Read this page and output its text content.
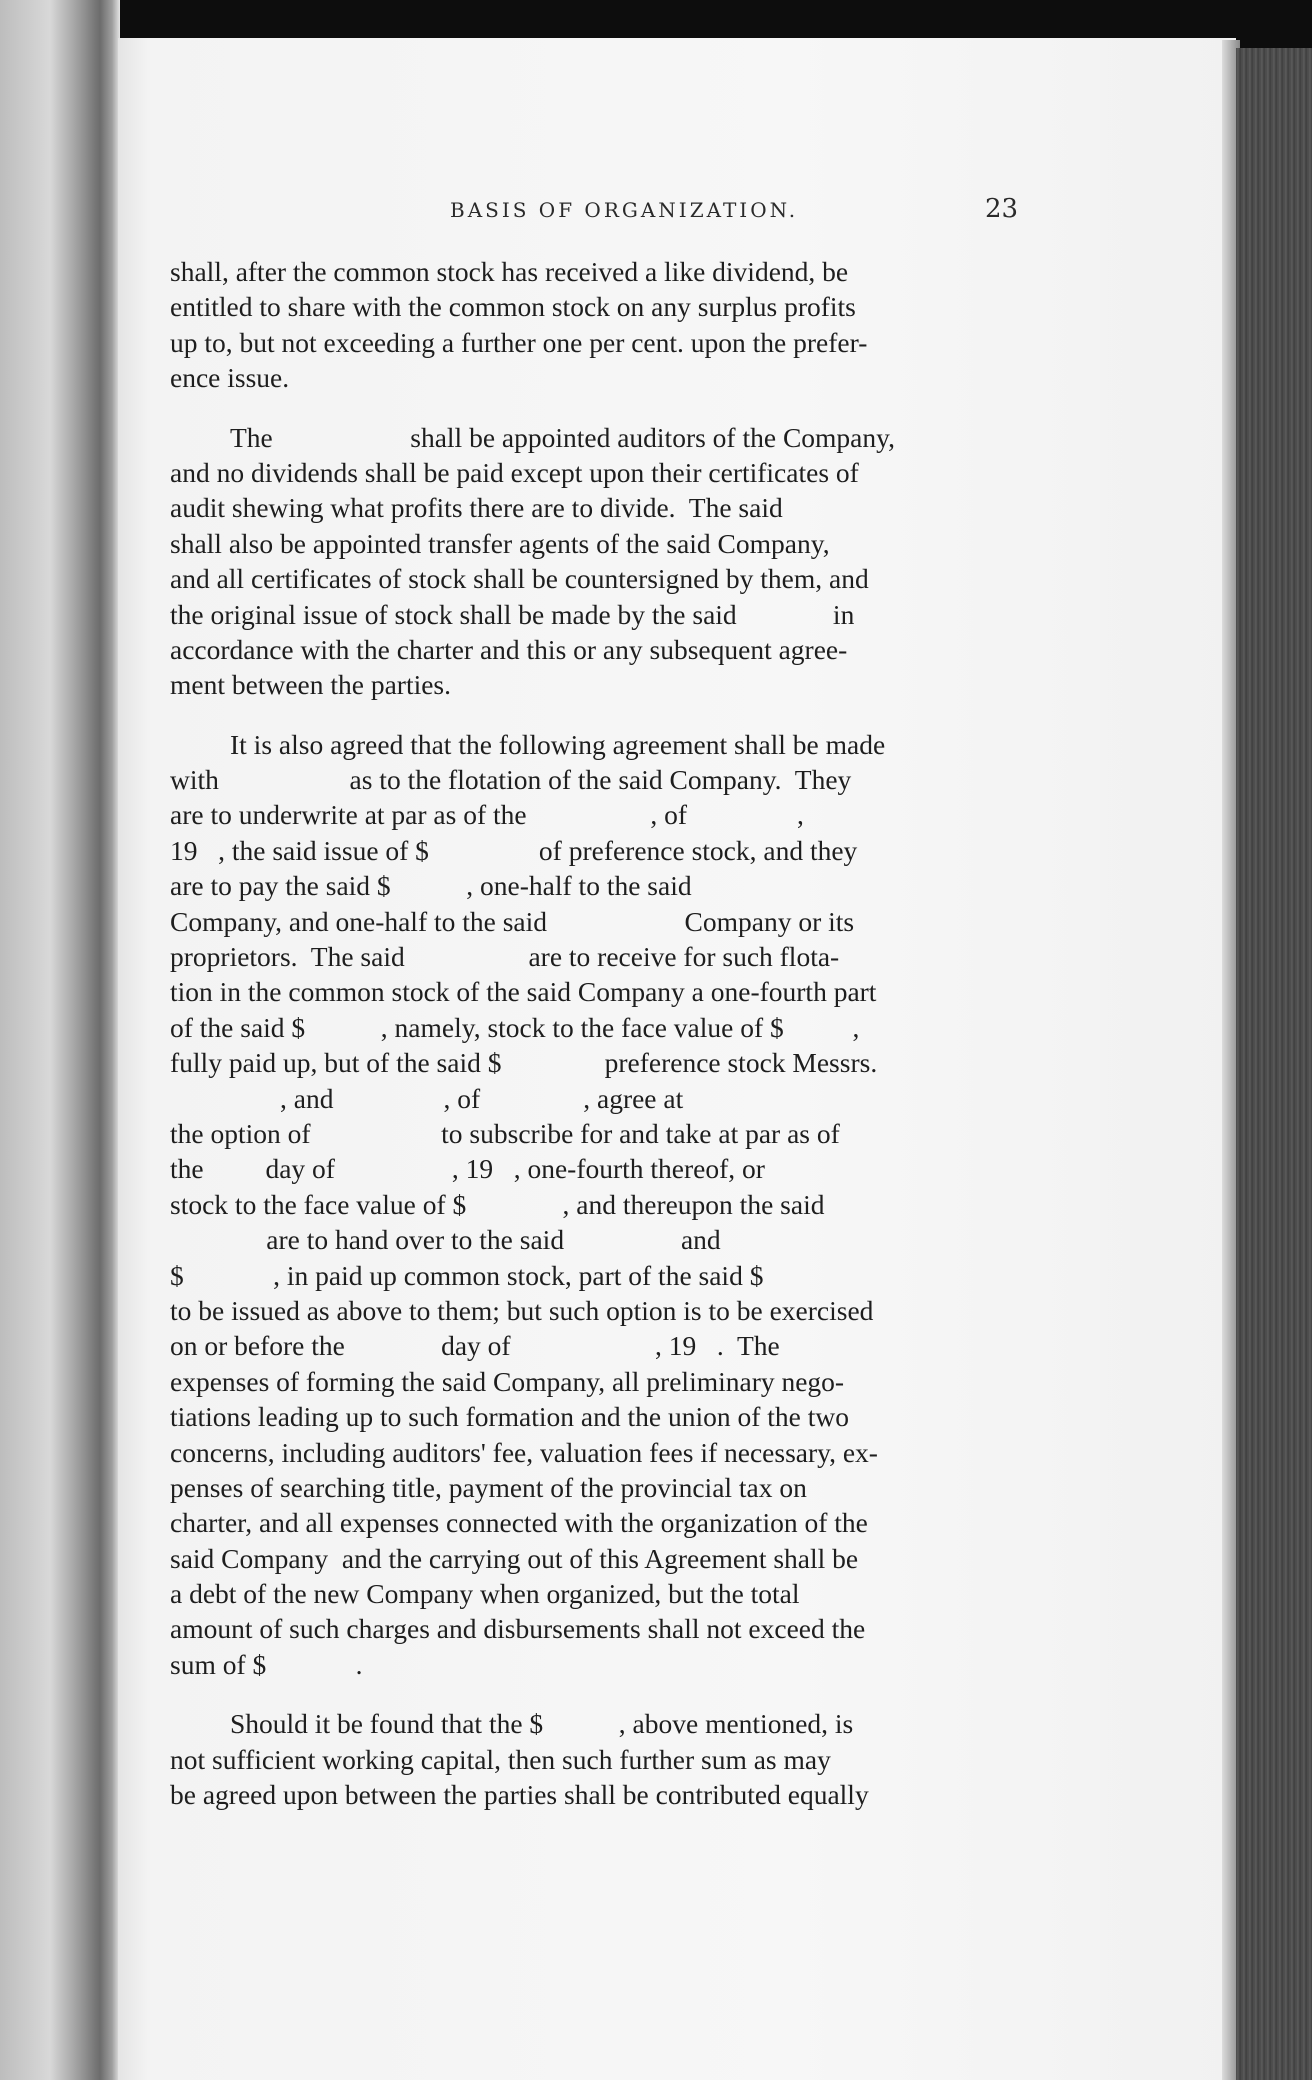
BASIS OF ORGANIZATION.	23
shall, after the common stock has received a like dividend, be
entitled to share with the common stock on any surplus profits
up to, but not exceeding a further one per cent. upon the prefer-
ence issue.
The                    shall be appointed auditors of the Company,
and no dividends shall be paid except upon their certificates of
audit shewing what profits there are to divide.  The said
shall also be appointed transfer agents of the said Company,
and all certificates of stock shall be countersigned by them, and
the original issue of stock shall be made by the said              in
accordance with the charter and this or any subsequent agree-
ment between the parties.
It is also agreed that the following agreement shall be made
with                   as to the flotation of the said Company.  They
are to underwrite at par as of the                  , of                ,
19   , the said issue of $                of preference stock, and they
are to pay the said $           , one-half to the said
Company, and one-half to the said                    Company or its
proprietors.  The said                  are to receive for such flota-
tion in the common stock of the said Company a one-fourth part
of the said $           , namely, stock to the face value of $          ,
fully paid up, but of the said $               preference stock Messrs.
, and                , of               , agree at
the option of                   to subscribe for and take at par as of
the         day of                 , 19   , one-fourth thereof, or
stock to the face value of $              , and thereupon the said
are to hand over to the said                 and
$             , in paid up common stock, part of the said $
to be issued as above to them; but such option is to be exercised
on or before the              day of                     , 19   .  The
expenses of forming the said Company, all preliminary nego-
tiations leading up to such formation and the union of the two
concerns, including auditors' fee, valuation fees if necessary, ex-
penses of searching title, payment of the provincial tax on
charter, and all expenses connected with the organization of the
said Company  and the carrying out of this Agreement shall be
a debt of the new Company when organized, but the total
amount of such charges and disbursements shall not exceed the
sum of $             .
Should it be found that the $           , above mentioned, is
not sufficient working capital, then such further sum as may
be agreed upon between the parties shall be contributed equally
